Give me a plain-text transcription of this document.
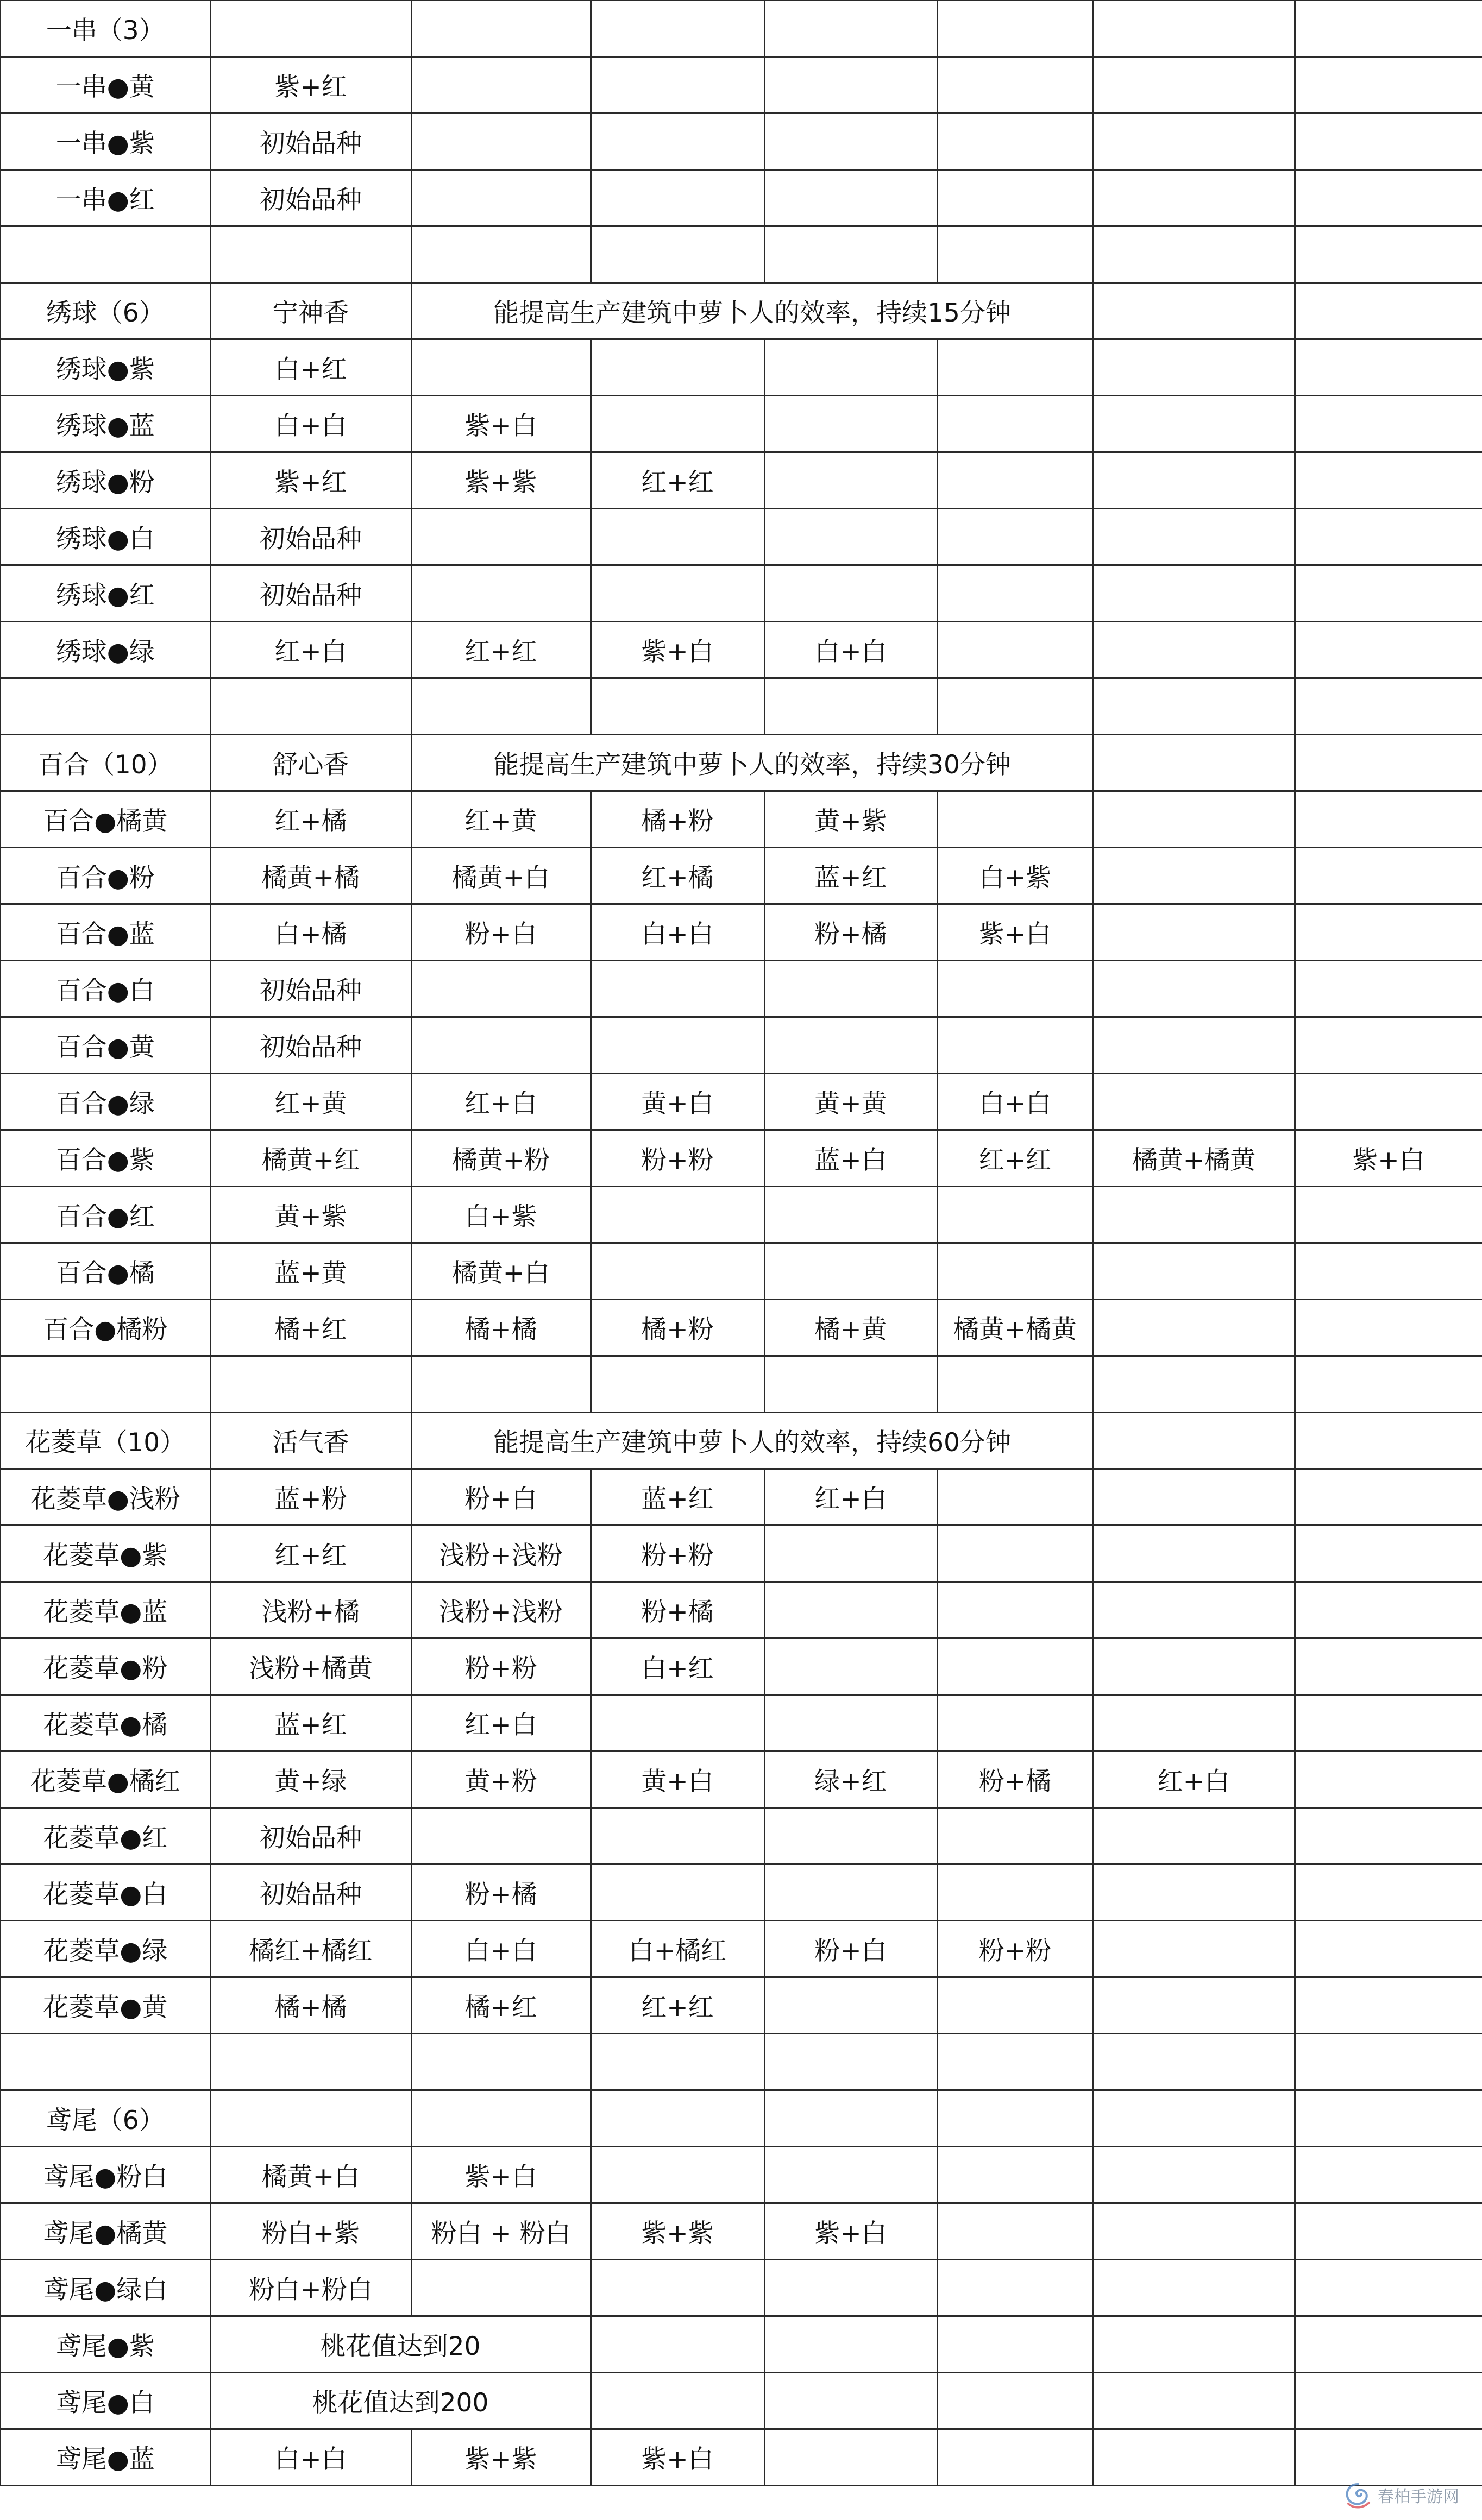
一串（3）							
一串●黄	紫+红						
一串●紫	初始品种						
一串●红	初始品种						

绣球（6）	宁神香	能提高生产建筑中萝卜人的效率，持续15分钟					
绣球●紫	白+红						
绣球●蓝	白+白	紫+白					
绣球●粉	紫+红	紫+紫	红+红				
绣球●白	初始品种						
绣球●红	初始品种						
绣球●绿	红+白	红+红	紫+白	白+白			

百合（10）	舒心香	能提高生产建筑中萝卜人的效率，持续30分钟					
百合●橘黄	红+橘	红+黄	橘+粉	黄+紫			
百合●粉	橘黄+橘	橘黄+白	红+橘	蓝+红	白+紫		
百合●蓝	白+橘	粉+白	白+白	粉+橘	紫+白		
百合●白	初始品种						
百合●黄	初始品种						
百合●绿	红+黄	红+白	黄+白	黄+黄	白+白		
百合●紫	橘黄+红	橘黄+粉	粉+粉	蓝+白	红+红	橘黄+橘黄	紫+白
百合●红	黄+紫	白+紫					
百合●橘	蓝+黄	橘黄+白					
百合●橘粉	橘+红	橘+橘	橘+粉	橘+黄	橘黄+橘黄		

花菱草（10）	活气香	能提高生产建筑中萝卜人的效率，持续60分钟					
花菱草●浅粉	蓝+粉	粉+白	蓝+红	红+白			
花菱草●紫	红+红	浅粉+浅粉	粉+粉				
花菱草●蓝	浅粉+橘	浅粉+浅粉	粉+橘				
花菱草●粉	浅粉+橘黄	粉+粉	白+红				
花菱草●橘	蓝+红	红+白					
花菱草●橘红	黄+绿	黄+粉	黄+白	绿+红	粉+橘	红+白	
花菱草●红	初始品种						
花菱草●白	初始品种	粉+橘					
花菱草●绿	橘红+橘红	白+白	白+橘红	粉+白	粉+粉		
花菱草●黄	橘+橘	橘+红	红+红				

鸢尾（6）							
鸢尾●粉白	橘黄+白	紫+白					
鸢尾●橘黄	粉白+紫	粉白 + 粉白	紫+紫	紫+白			
鸢尾●绿白	粉白+粉白						
鸢尾●紫	桃花值达到20						
鸢尾●白	桃花值达到200						
鸢尾●蓝	白+白	紫+紫	紫+白				
春柏手游网
